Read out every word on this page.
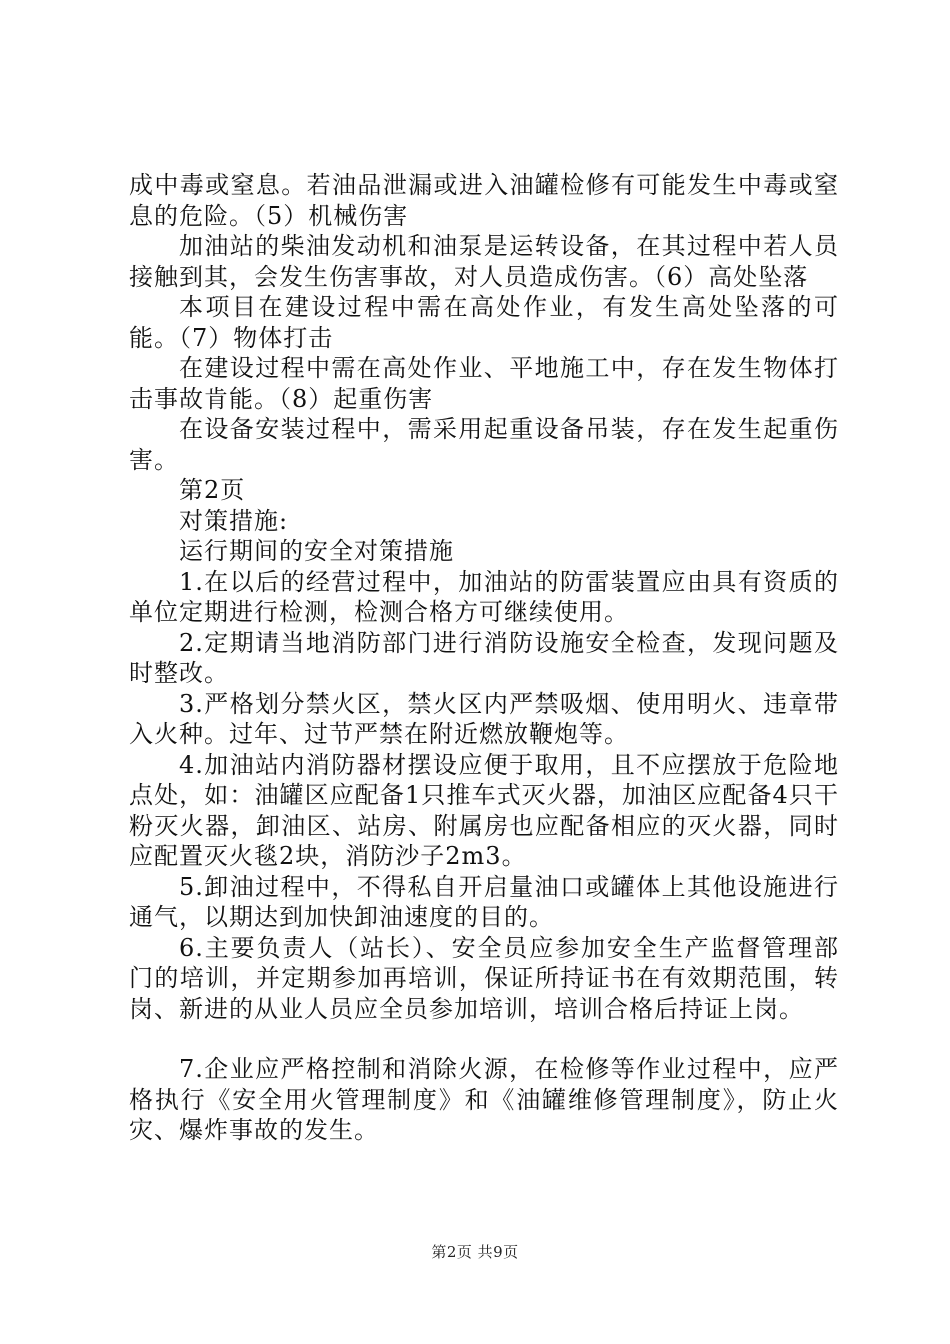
成中毒或窒息。若油品泄漏或进入油罐检修有可能发生中毒或窒息的危险。（5）机械伤害

加油站的柴油发动机和油泵是运转设备，在其过程中若人员接触到其，会发生伤害事故，对人员造成伤害。（6）高处坠落

本项目在建设过程中需在高处作业，有发生高处坠落的可能。（7）物体打击

在建设过程中需在高处作业、平地施工中，存在发生物体打击事故肯能。（8）起重伤害

在设备安装过程中，需采用起重设备吊装，存在发生起重伤害。

第2页

对策措施:

运行期间的安全对策措施

1.在以后的经营过程中，加油站的防雷装置应由具有资质的单位定期进行检测，检测合格方可继续使用。

2.定期请当地消防部门进行消防设施安全检查，发现问题及时整改。

3.严格划分禁火区，禁火区内严禁吸烟、使用明火、违章带入火种。过年、过节严禁在附近燃放鞭炮等。

4.加油站内消防器材摆设应便于取用，且不应摆放于危险地点处，如：油罐区应配备1只推车式灭火器，加油区应配备4只干粉灭火器，卸油区、站房、附属房也应配备相应的灭火器，同时应配置灭火毯2块，消防沙子2m3。

5.卸油过程中，不得私自开启量油口或罐体上其他设施进行通气，以期达到加快卸油速度的目的。

6.主要负责人（站长）、安全员应参加安全生产监督管理部门的培训，并定期参加再培训，保证所持证书在有效期范围，转岗、新进的从业人员应全员参加培训，培训合格后持证上岗。

7.企业应严格控制和消除火源，在检修等作业过程中，应严格执行《安全用火管理制度》和《油罐维修管理制度》，防止火灾、爆炸事故的发生。

第2页 共9页
